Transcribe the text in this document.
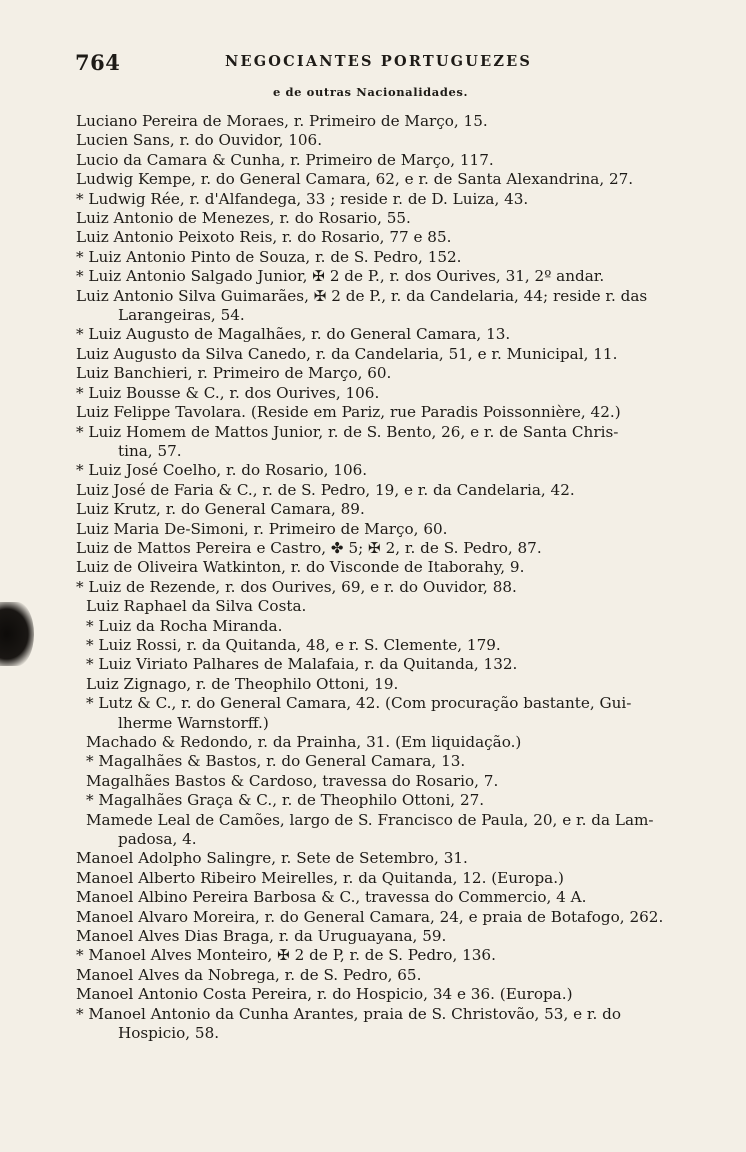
764	NEGOCIANTES PORTUGUEZES
e de outras Nacionalidades.
Luciano Pereira de Moraes, r. Primeiro de Março, 15.
Lucien Sans, r. do Ouvidor, 106.
Lucio da Camara & Cunha, r. Primeiro de Março, 117.
Ludwig Kempe, r. do General Camara, 62, e r. de Santa Alexandrina, 27.
* Ludwig Rée, r. d'Alfandega, 33 ; reside r. de D. Luiza, 43.
Luiz Antonio de Menezes, r. do Rosario, 55.
Luiz Antonio Peixoto Reis, r. do Rosario, 77 e 85.
* Luiz Antonio Pinto de Souza, r. de S. Pedro, 152.
* Luiz Antonio Salgado Junior, ✠ 2 de P., r. dos Ourives, 31, 2º andar.
Luiz Antonio Silva Guimarães, ✠ 2 de P., r. da Candelaria, 44; reside r. das
Larangeiras, 54.
* Luiz Augusto de Magalhães, r. do General Camara, 13.
Luiz Augusto da Silva Canedo, r. da Candelaria, 51, e r. Municipal, 11.
Luiz Banchieri, r. Primeiro de Março, 60.
* Luiz Bousse & C., r. dos Ourives, 106.
Luiz Felippe Tavolara. (Reside em Pariz, rue Paradis Poissonnière, 42.)
* Luiz Homem de Mattos Junior, r. de S. Bento, 26, e r. de Santa Chris-
tina, 57.
* Luiz José Coelho, r. do Rosario, 106.
Luiz José de Faria & C., r. de S. Pedro, 19, e r. da Candelaria, 42.
Luiz Krutz, r. do General Camara, 89.
Luiz Maria De-Simoni, r. Primeiro de Março, 60.
Luiz de Mattos Pereira e Castro, ✤ 5; ✠ 2, r. de S. Pedro, 87.
Luiz de Oliveira Watkinton, r. do Visconde de Itaborahy, 9.
* Luiz de Rezende, r. dos Ourives, 69, e r. do Ouvidor, 88.
Luiz Raphael da Silva Costa.
* Luiz da Rocha Miranda.
* Luiz Rossi, r. da Quitanda, 48, e r. S. Clemente, 179.
* Luiz Viriato Palhares de Malafaia, r. da Quitanda, 132.
Luiz Zignago, r. de Theophilo Ottoni, 19.
* Lutz & C., r. do General Camara, 42. (Com procuração bastante, Gui-
lherme Warnstorff.)
Machado & Redondo, r. da Prainha, 31. (Em liquidação.)
* Magalhães & Bastos, r. do General Camara, 13.
Magalhães Bastos & Cardoso, travessa do Rosario, 7.
* Magalhães Graça & C., r. de Theophilo Ottoni, 27.
Mamede Leal de Camões, largo de S. Francisco de Paula, 20, e r. da Lam-
padosa, 4.
Manoel Adolpho Salingre, r. Sete de Setembro, 31.
Manoel Alberto Ribeiro Meirelles, r. da Quitanda, 12. (Europa.)
Manoel Albino Pereira Barbosa & C., travessa do Commercio, 4 A.
Manoel Alvaro Moreira, r. do General Camara, 24, e praia de Botafogo, 262.
Manoel Alves Dias Braga, r. da Uruguayana, 59.
* Manoel Alves Monteiro, ✠ 2 de P, r. de S. Pedro, 136.
Manoel Alves da Nobrega, r. de S. Pedro, 65.
Manoel Antonio Costa Pereira, r. do Hospicio, 34 e 36. (Europa.)
* Manoel Antonio da Cunha Arantes, praia de S. Christovão, 53, e r. do
Hospicio, 58.
